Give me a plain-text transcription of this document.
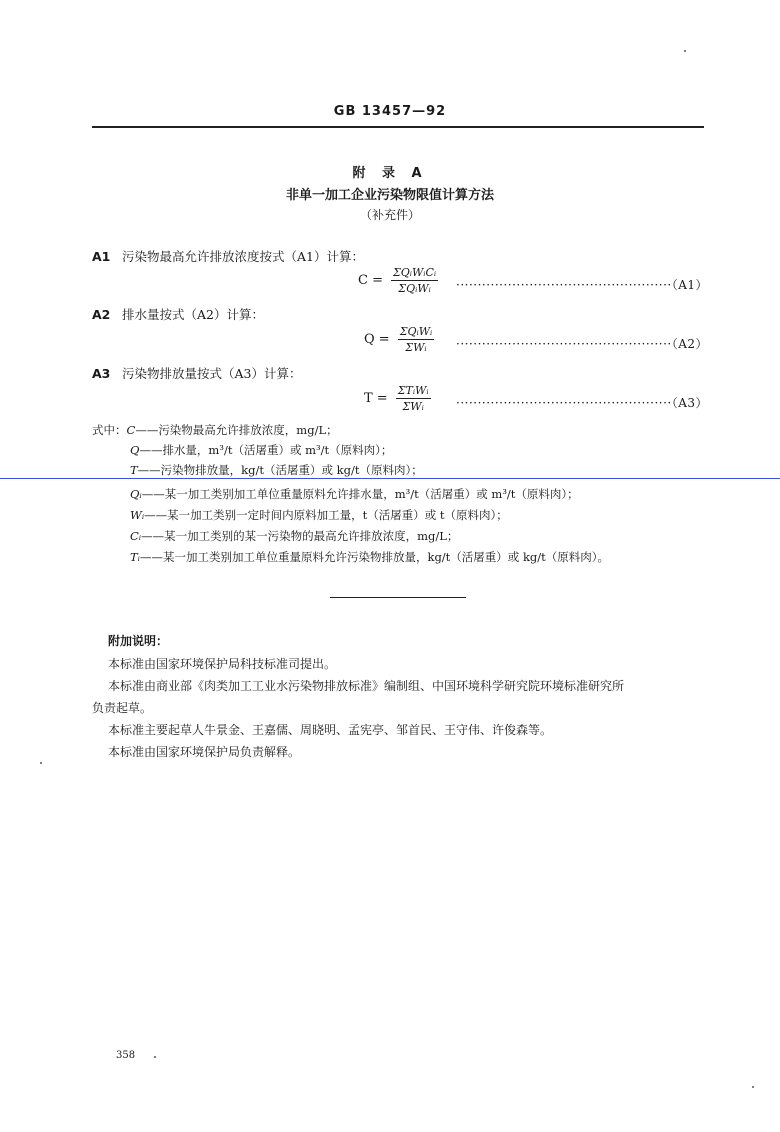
GB 13457—92
附 录 A
非单一加工企业污染物限值计算方法
（补充件）
A1 污染物最高允许排放浓度按式（A1）计算：
$C = \frac{\text{ΣQᵢWᵢCᵢ}}{\text{ΣQᵢWᵢ}} \cdot\cdot\cdot\cdot\cdot\cdot\cdot\cdot\cdot\cdot\cdot\cdot\cdot\cdot\cdot\cdot\cdot\cdot\cdot\cdot\cdot\cdot\cdot\cdot\cdot\cdot\cdot\cdot\cdot\cdot\cdot\cdot\cdot\cdot\cdot\cdot\cdot\cdot\cdot\cdot\cdot\cdot\cdot\cdot\cdot\cdot\cdot\cdot\cdot\cdot(A1)$
A2 排水量按式（A2）计算：
$Q = \frac{\text{ΣQᵢWᵢ}}{\text{ΣWᵢ}} \cdot\cdot\cdot\cdot\cdot\cdot\cdot\cdot\cdot\cdot\cdot\cdot\cdot\cdot\cdot\cdot\cdot\cdot\cdot\cdot\cdot\cdot\cdot\cdot\cdot\cdot\cdot\cdot\cdot\cdot\cdot\cdot\cdot\cdot\cdot\cdot\cdot\cdot\cdot\cdot\cdot\cdot\cdot\cdot\cdot\cdot\cdot\cdot\cdot\cdot(A2)$
A3 污染物排放量按式（A3）计算：
$T = \frac{\text{ΣTᵢWᵢ}}{\text{ΣWᵢ}} \cdot\cdot\cdot\cdot\cdot\cdot\cdot\cdot\cdot\cdot\cdot\cdot\cdot\cdot\cdot\cdot\cdot\cdot\cdot\cdot\cdot\cdot\cdot\cdot\cdot\cdot\cdot\cdot\cdot\cdot\cdot\cdot\cdot\cdot\cdot\cdot\cdot\cdot\cdot\cdot\cdot\cdot\cdot\cdot\cdot\cdot\cdot\cdot\cdot\cdot(A3)$
式中：C——污染物最高允许排放浓度，mg/L；
Q——排水量，m³/t（活屠重）或 m³/t（原料肉）；
T——污染物排放量，kg/t（活屠重）或 kg/t（原料肉）；
Qᵢ——某一加工类别加工单位重量原料允许排水量，m³/t（活屠重）或 m³/t（原料肉）；
Wᵢ——某一加工类别一定时间内原料加工量，t（活屠重）或 t（原料肉）；
Cᵢ——某一加工类别的某一污染物的最高允许排放浓度，mg/L；
Tᵢ——某一加工类别加工单位重量原料允许污染物排放量，kg/t（活屠重）或 kg/t（原料肉）。
附加说明：
本标准由国家环境保护局科技标准司提出。
本标准由商业部《肉类加工工业水污染物排放标准》编制组、中国环境科学研究院环境标准研究所
负责起草。
本标准主要起草人牛景金、王嘉儒、周晓明、孟宪亭、邹首民、王守伟、许俊森等。
本标准由国家环境保护局负责解释。
358
